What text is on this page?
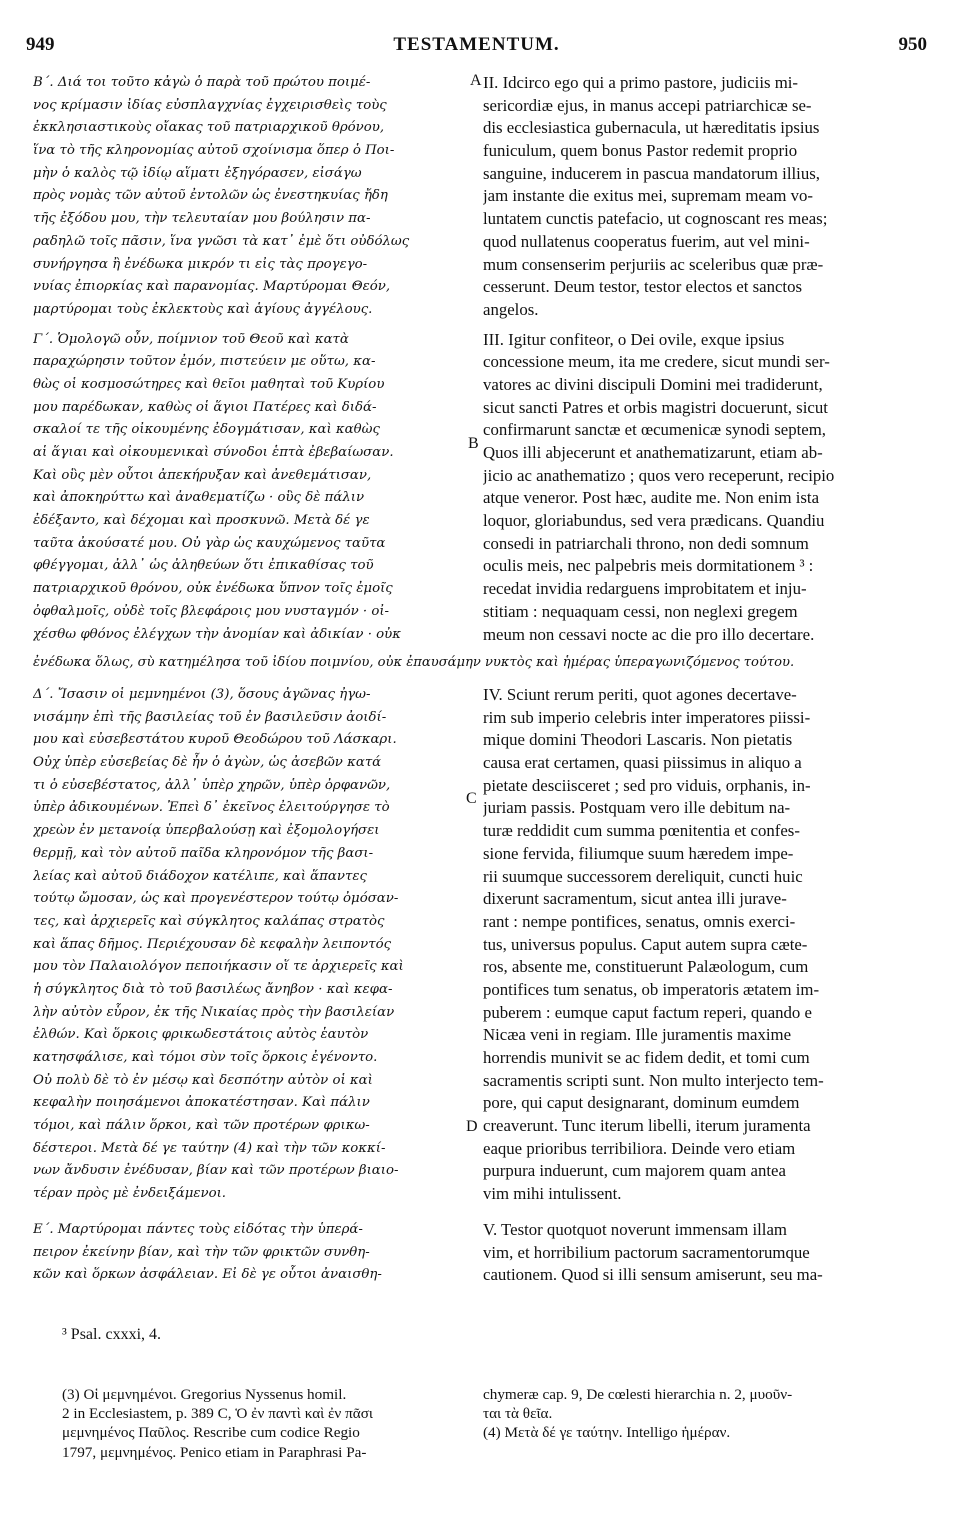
949	TESTAMENTUM.	950
A
B
C
D
Β΄. Διά τοι τοῦτο κἀγὼ ὁ παρὰ τοῦ πρώτου ποιμέ-
νος κρίμασιν ἰδίας εὐσπλαγχνίας ἐγχειρισθεὶς τοὺς
ἐκκλησιαστικοὺς οἴακας τοῦ πατριαρχικοῦ θρόνου,
ἵνα τὸ τῆς κληρονομίας αὐτοῦ σχοίνισμα ὅπερ ὁ Ποι-
μὴν ὁ καλὸς τῷ ἰδίῳ αἵματι ἐξηγόρασεν, εἰσάγω
πρὸς νομὰς τῶν αὐτοῦ ἐντολῶν ὡς ἐνεστηκυίας ἤδη
τῆς ἐξόδου μου, τὴν τελευταίαν μου βούλησιν πα-
ραδηλῶ τοῖς πᾶσιν, ἵνα γνῶσι τὰ κατ᾿ ἐμὲ ὅτι οὐδόλως
συνήργησα ἢ ἐνέδωκα μικρόν τι εἰς τὰς προγεγο-
νυίας ἐπιορκίας καὶ παρανομίας. Μαρτύρομαι Θεόν,
μαρτύρομαι τοὺς ἐκλεκτοὺς καὶ ἁγίους ἀγγέλους.
Γ΄. Ὁμολογῶ οὖν, ποίμνιον τοῦ Θεοῦ καὶ κατὰ
παραχώρησιν τοῦτον ἐμόν, πιστεύειν με οὕτω, κα-
θὼς οἱ κοσμοσώτηρες καὶ θεῖοι μαθηταὶ τοῦ Κυρίου
μου παρέδωκαν, καθὼς οἱ ἅγιοι Πατέρες καὶ διδά-
σκαλοί τε τῆς οἰκουμένης ἐδογμάτισαν, καὶ καθὼς
αἱ ἅγιαι καὶ οἰκουμενικαὶ σύνοδοι ἑπτὰ ἐβεβαίωσαν.
Καὶ οὓς μὲν οὗτοι ἀπεκήρυξαν καὶ ἀνεθεμάτισαν,
καὶ ἀποκηρύττω καὶ ἀναθεματίζω · οὓς δὲ πάλιν
ἐδέξαντο, καὶ δέχομαι καὶ προσκυνῶ. Μετὰ δέ γε
ταῦτα ἀκούσατέ μου. Οὐ γὰρ ὡς καυχώμενος ταῦτα
φθέγγομαι, ἀλλ᾿ ὡς ἀληθεύων ὅτι ἐπικαθίσας τοῦ
πατριαρχικοῦ θρόνου, οὐκ ἐνέδωκα ὕπνον τοῖς ἐμοῖς
ὀφθαλμοῖς, οὐδὲ τοῖς βλεφάροις μου νυσταγμόν · οἰ-
χέσθω φθόνος ἐλέγχων τὴν ἀνομίαν καὶ ἀδικίαν · οὐκ
II. Idcirco ego qui a primo pastore, judiciis mi-
sericordiæ ejus, in manus accepi patriarchicæ se-
dis ecclesiastica gubernacula, ut hæreditatis ipsius
funiculum, quem bonus Pastor redemit proprio
sanguine, inducerem in pascua mandatorum illius,
jam instante die exitus mei, supremam meam vo-
luntatem cunctis patefacio, ut cognoscant res meas;
quod nullatenus cooperatus fuerim, aut vel mini-
mum consenserim perjuriis ac sceleribus quæ præ-
cesserunt. Deum testor, testor electos et sanctos
angelos.
III. Igitur confiteor, o Dei ovile, exque ipsius
concessione meum, ita me credere, sicut mundi ser-
vatores ac divini discipuli Domini mei tradiderunt,
sicut sancti Patres et orbis magistri docuerunt, sicut
confirmarunt sanctæ et œcumenicæ synodi septem,
Quos illi abjecerunt et anathematizarunt, etiam ab-
jicio ac anathematizo ; quos vero receperunt, recipio
atque veneror. Post hæc, audite me. Non enim ista
loquor, gloriabundus, sed vera prædicans. Quandiu
consedi in patriarchali throno, non dedi somnum
oculis meis, nec palpebris meis dormitationem ³ :
recedat invidia redarguens improbitatem et inju-
stitiam : nequaquam cessi, non neglexi gregem
meum non cessavi nocte ac die pro illo decertare.
ἐνέδωκα ὅλως, σὺ κατημέλησα τοῦ ἰδίου ποιμνίου, οὐκ ἐπαυσάμην νυκτὸς καὶ ἡμέρας ὑπεραγωνιζόμενος τούτου.
Δ΄. Ἴσασιν οἱ μεμνημένοι (3), ὅσους ἀγῶνας ἠγω-
νισάμην ἐπὶ τῆς βασιλείας τοῦ ἐν βασιλεῦσιν ἀοιδί-
μου καὶ εὐσεβεστάτου κυροῦ Θεοδώρου τοῦ Λάσκαρι.
Οὐχ ὑπὲρ εὐσεβείας δὲ ἦν ὁ ἀγὼν, ὡς ἀσεβῶν κατά
τι ὁ εὐσεβέστατος, ἀλλ᾿ ὑπὲρ χηρῶν, ὑπὲρ ὀρφανῶν,
ὑπὲρ ἀδικουμένων. Ἐπεὶ δ᾿ ἐκεῖνος ἐλειτούργησε τὸ
χρεὼν ἐν μετανοίᾳ ὑπερβαλούσῃ καὶ ἐξομολογήσει
θερμῇ, καὶ τὸν αὐτοῦ παῖδα κληρονόμον τῆς βασι-
λείας καὶ αὐτοῦ διάδοχον κατέλιπε, καὶ ἅπαντες
τούτῳ ὤμοσαν, ὡς καὶ προγενέστερον τούτῳ ὀμόσαν-
τες, καὶ ἀρχιερεῖς καὶ σύγκλητος καλάπας στρατὸς
καὶ ἅπας δῆμος. Περιέχουσαν δὲ κεφαλὴν λειποντός
μου τὸν Παλαιολόγον πεποιήκασιν οἵ τε ἀρχιερεῖς καὶ
ἡ σύγκλητος διὰ τὸ τοῦ βασιλέως ἄνηβον · καὶ κεφα-
λὴν αὐτὸν εὗρον, ἐκ τῆς Νικαίας πρὸς τὴν βασιλείαν
ἐλθών. Καὶ ὅρκοις φρικωδεστάτοις αὐτὸς ἑαυτὸν
κατησφάλισε, καὶ τόμοι σὺν τοῖς ὅρκοις ἐγένοντο.
Οὐ πολὺ δὲ τὸ ἐν μέσῳ καὶ δεσπότην αὐτὸν οἱ καὶ
κεφαλὴν ποιησάμενοι ἀποκατέστησαν. Καὶ πάλιν
τόμοι, καὶ πάλιν ὅρκοι, καὶ τῶν προτέρων φρικω-
δέστεροι. Μετὰ δέ γε ταύτην (4) καὶ τὴν τῶν κοκκί-
νων ἄνδυσιν ἐνέδυσαν, βίαν καὶ τῶν προτέρων βιαιο-
τέραν πρὸς μὲ ἐνδειξάμενοι.
Ε΄. Μαρτύρομαι πάντες τοὺς εἰδότας τὴν ὑπερά-
πειρον ἐκείνην βίαν, καὶ τὴν τῶν φρικτῶν συνθη-
κῶν καὶ ὅρκων ἀσφάλειαν. Εἰ δὲ γε οὗτοι ἀναισθη-
IV. Sciunt rerum periti, quot agones decertave-
rim sub imperio celebris inter imperatores piissi-
mique domini Theodori Lascaris. Non pietatis
causa erat certamen, quasi piissimus in aliquo a
pietate desciisceret ; sed pro viduis, orphanis, in-
juriam passis. Postquam vero ille debitum na-
turæ reddidit cum summa pœnitentia et confes-
sione fervida, filiumque suum hæredem impe-
rii suumque successorem dereliquit, cuncti huic
dixerunt sacramentum, sicut antea illi jurave-
rant : nempe pontifices, senatus, omnis exerci-
tus, universus populus. Caput autem supra cæte-
ros, absente me, constituerunt Palæologum, cum
pontifices tum senatus, ob imperatoris ætatem im-
puberem : eumque caput factum reperi, quando e
Nicæa veni in regiam. Ille juramentis maxime
horrendis munivit se ac fidem dedit, et tomi cum
sacramentis scripti sunt. Non multo interjecto tem-
pore, qui caput designarant, dominum eumdem
creaverunt. Tunc iterum libelli, iterum juramenta
eaque prioribus terribiliora. Deinde vero etiam
purpura induerunt, cum majorem quam antea
vim mihi intulissent.
V. Testor quotquot noverunt immensam illam
vim, et horribilium pactorum sacramentorumque
cautionem. Quod si illi sensum amiserunt, seu ma-
³ Psal. cxxxi, 4.
(3) Οἱ μεμνημένοι. Gregorius Nyssenus homil.
2 in Ecclesiastem, p. 389 C, Ὁ ἐν παντὶ καὶ ἐν πᾶσι
μεμνημένος Παῦλος. Rescribe cum codice Regio
1797, μεμνημένος. Penico etiam in Paraphrasi Pa-
chymeræ cap. 9, De cœlesti hierarchia n. 2, μυοῦν-
ται τὰ θεῖα.
(4) Μετὰ δέ γε ταύτην. Intelligo ἡμέραν.
